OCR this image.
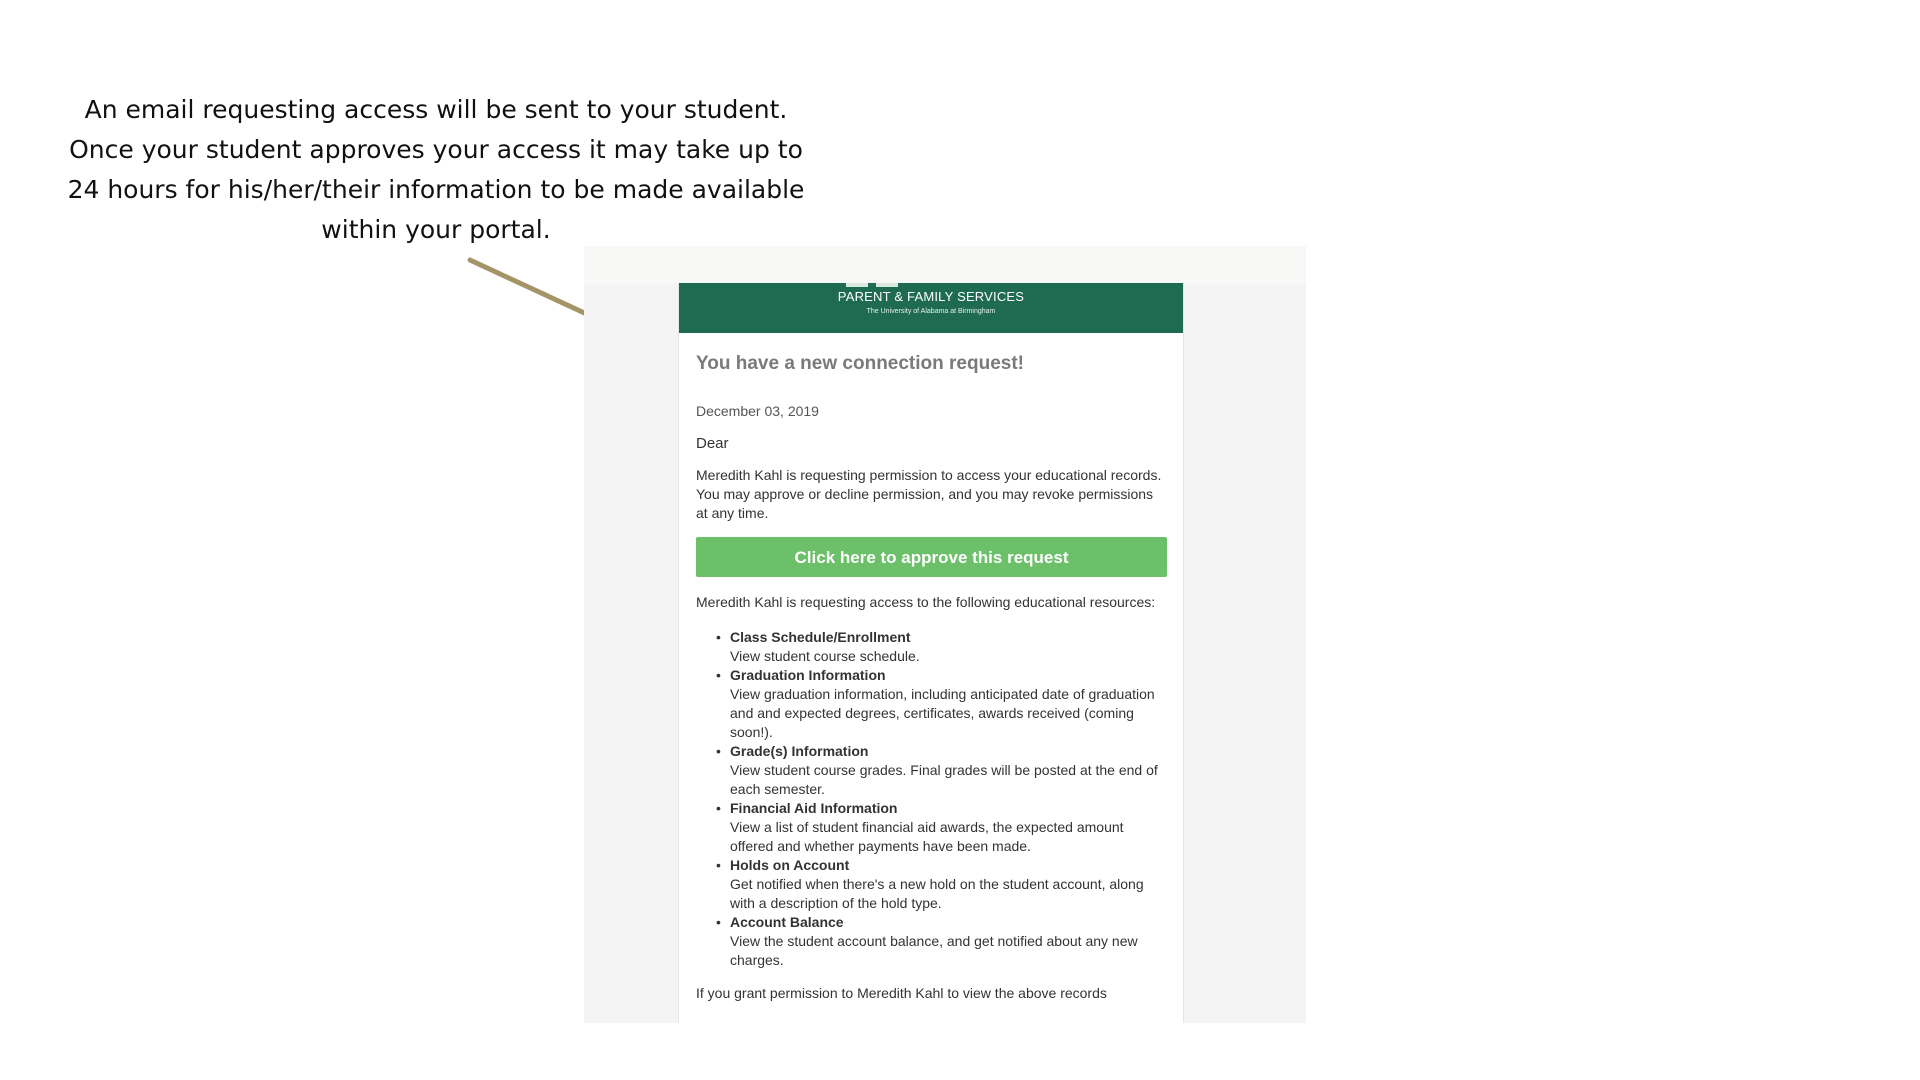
An email requesting access will be sent to your student.
Once your student approves your access it may take up to
24 hours for his/her/their information to be made available
within your portal.

PARENT & FAMILY SERVICES
The University of Alabama at Birmingham
You have a new connection request!

December 03, 2019

Dear

Meredith Kahl is requesting permission to access your educational records. You may approve or decline permission, and you may revoke permissions at any time.

Click here to approve this request

Meredith Kahl is requesting access to the following educational resources:

• Class Schedule/Enrollment
View student course schedule.
• Graduation Information
View graduation information, including anticipated date of graduation and and expected degrees, certificates, awards received (coming soon!).
• Grade(s) Information
View student course grades. Final grades will be posted at the end of each semester.
• Financial Aid Information
View a list of student financial aid awards, the expected amount offered and whether payments have been made.
• Holds on Account
Get notified when there's a new hold on the student account, along with a description of the hold type.
• Account Balance
View the student account balance, and get notified about any new charges.

If you grant permission to Meredith Kahl to view the above records
